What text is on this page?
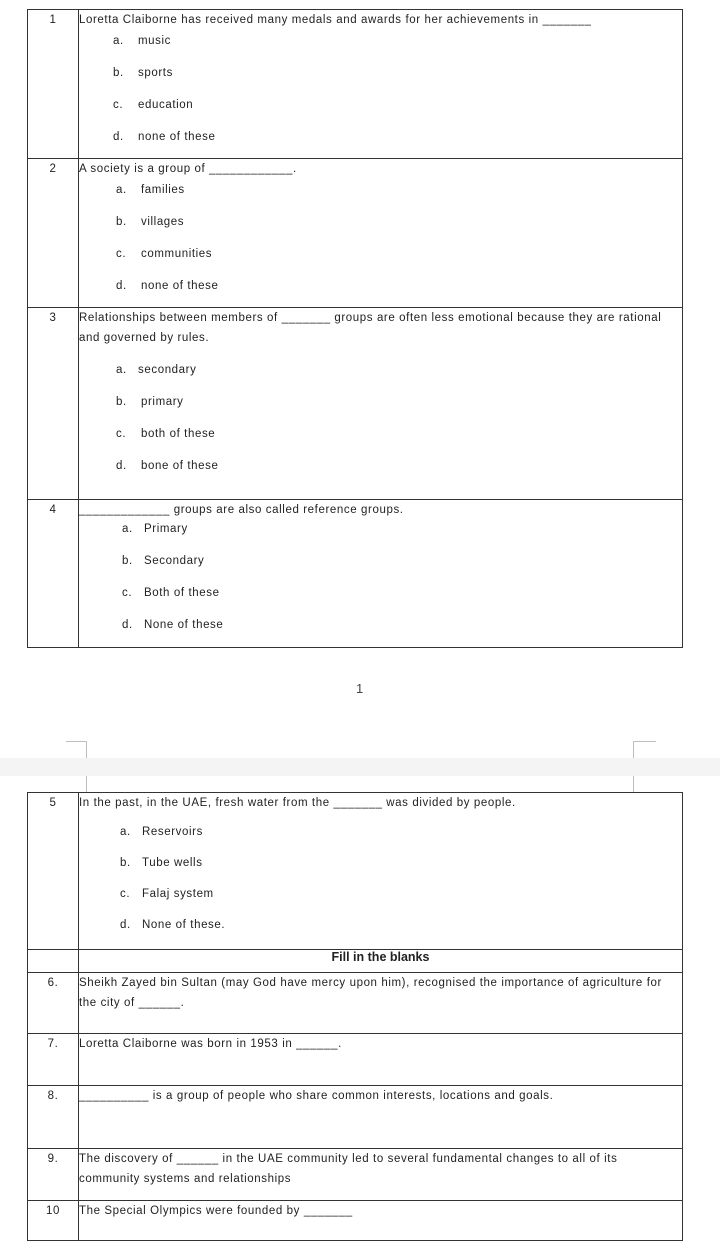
1	Loretta Claiborne has received many medals and awards for her achievements in _______
a. music
b. sports
c. education
d. none of these

2	A society is a group of ____________.
a. families
b. villages
c. communities
d. none of these

3	Relationships between members of _______ groups are often less emotional because they are rational and governed by rules.
a. secondary
b. primary
c. both of these
d. bone of these

4	_____________ groups are also called reference groups.
a. Primary
b. Secondary
c. Both of these
d. None of these
1
5	In the past, in the UAE, fresh water from the _______ was divided by people.
a. Reservoirs
b. Tube wells
c. Falaj system
d. None of these.

	Fill in the blanks

6.	Sheikh Zayed bin Sultan (may God have mercy upon him), recognised the importance of agriculture for the city of ______.

7.	Loretta Claiborne was born in 1953 in ______.

8.	__________ is a group of people who share common interests, locations and goals.

9.	The discovery of ______ in the UAE community led to several fundamental changes to all of its community systems and relationships

10	The Special Olympics were founded by _______
